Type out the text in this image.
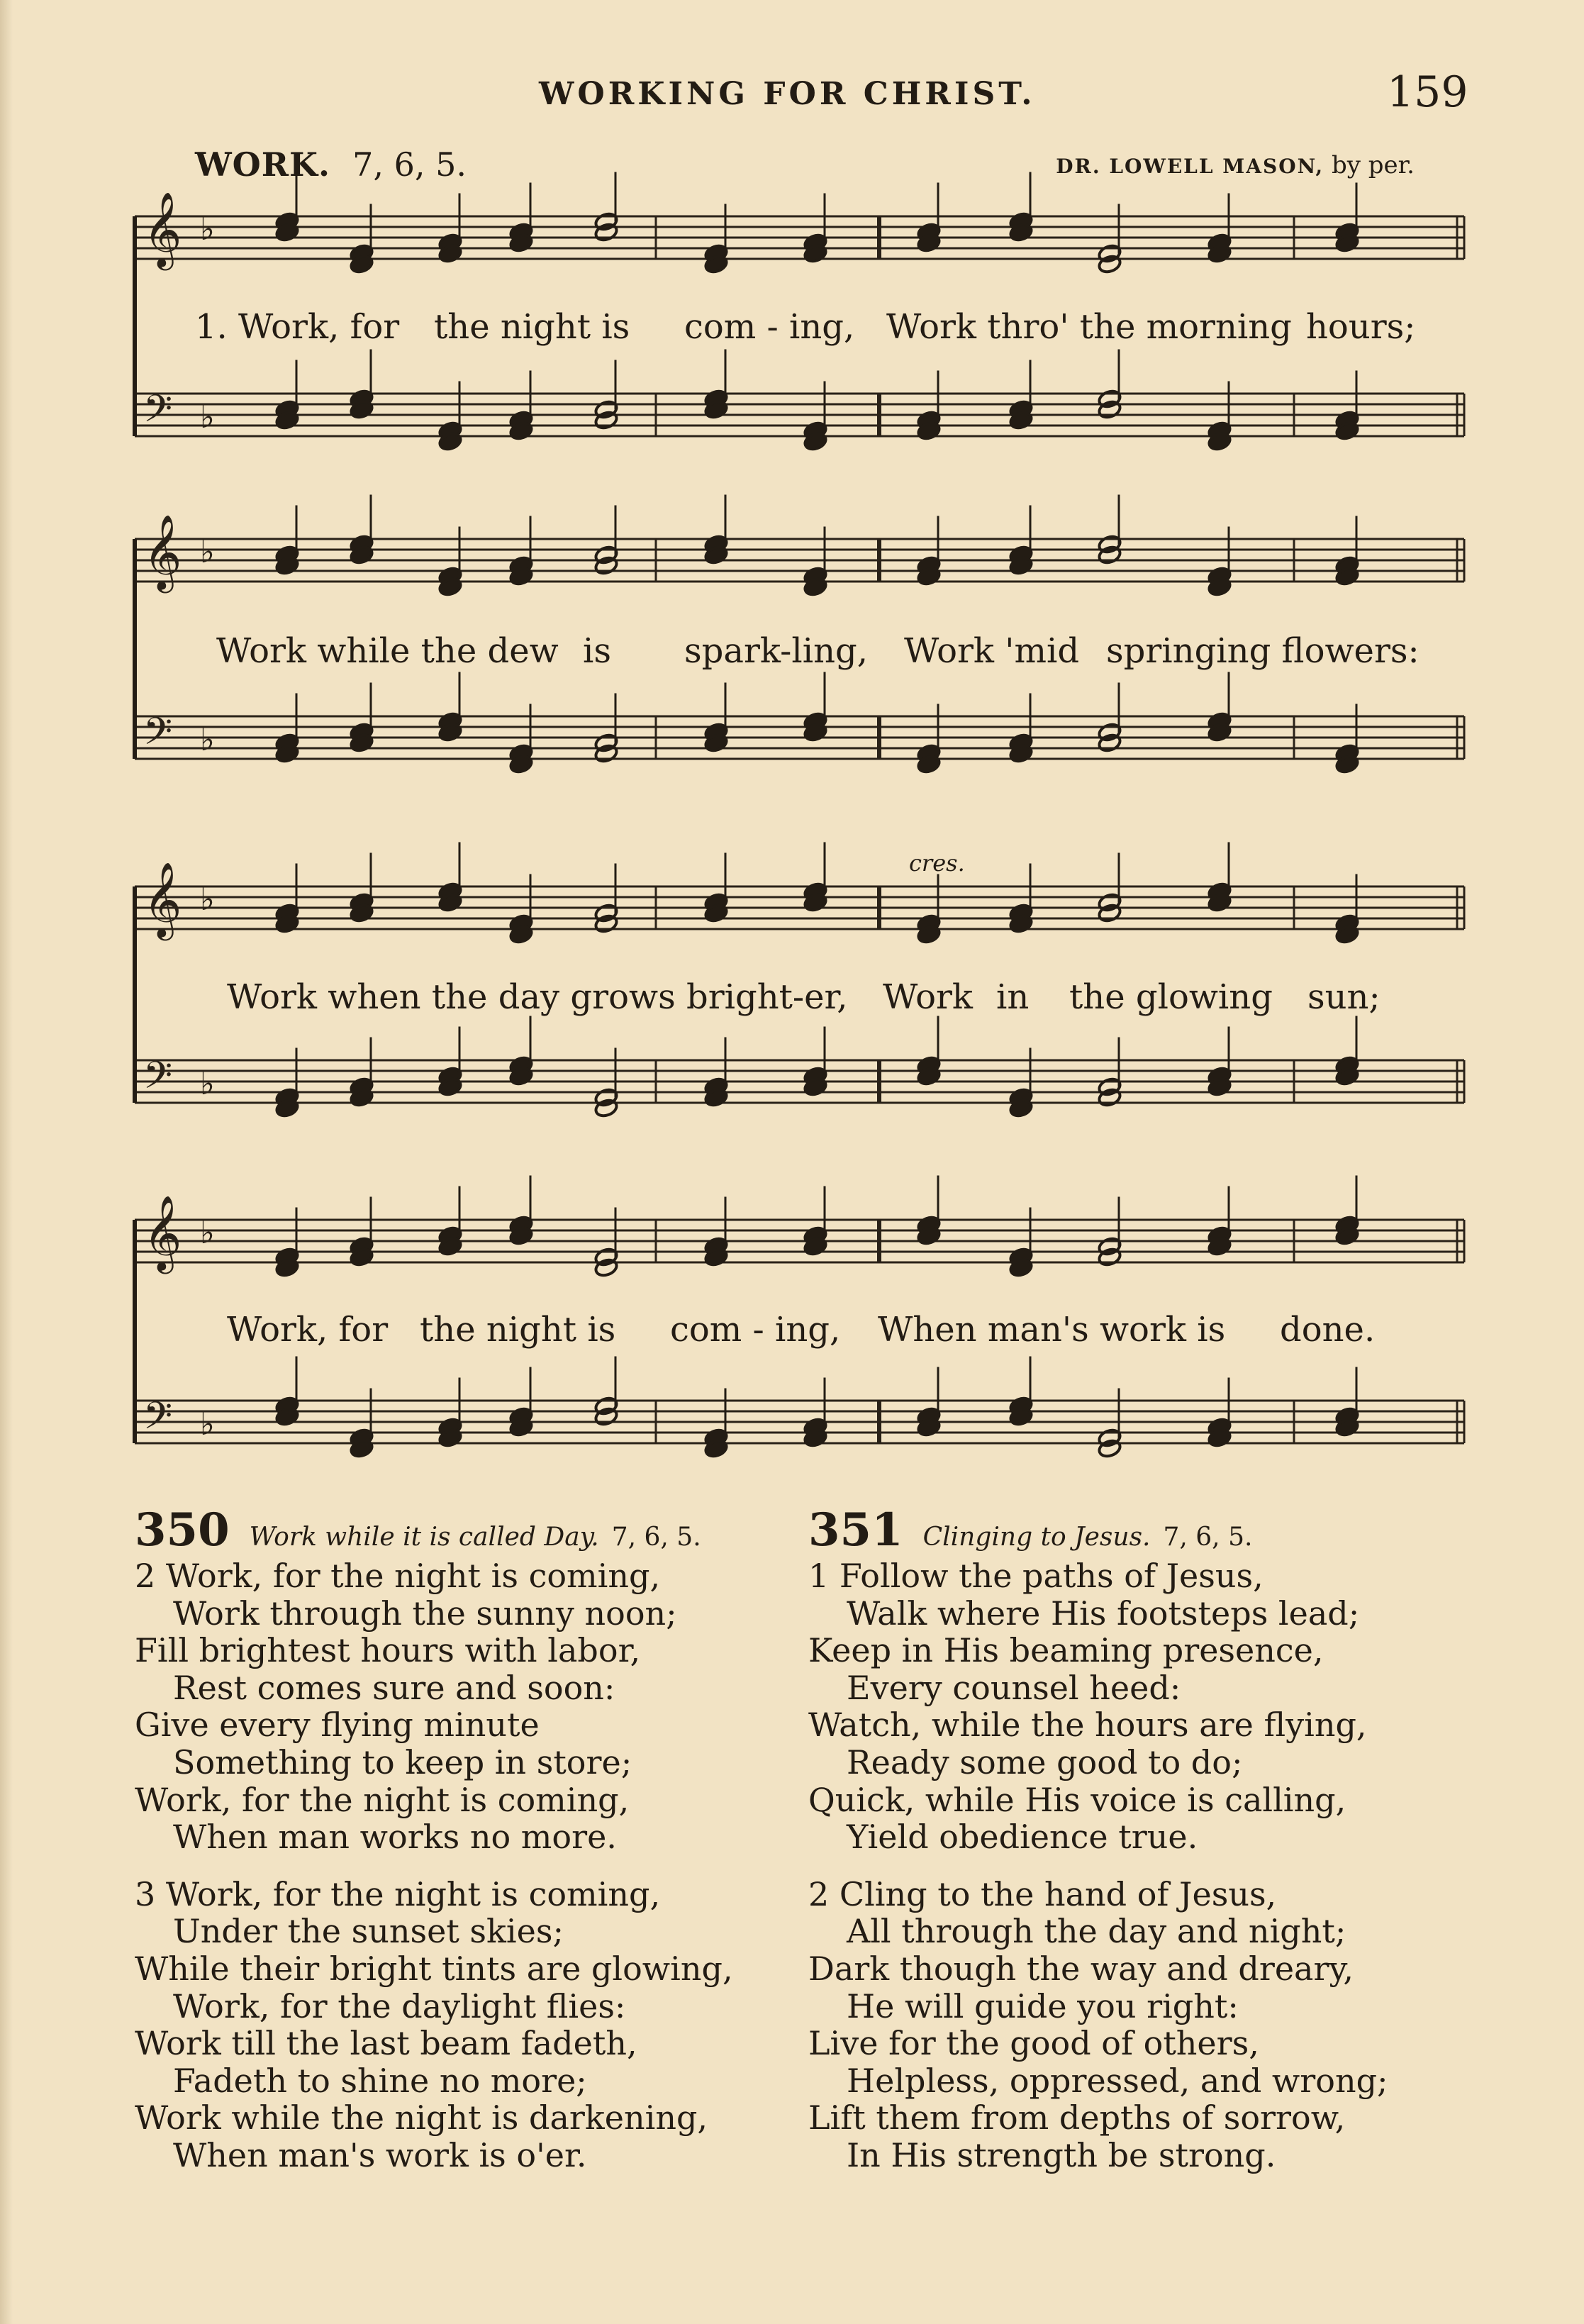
WORKING FOR CHRIST.	159
WORK. 7, 6, 5.	DR. LOWELL MASON, by per.
𝄞 ♭
𝄢 ♭
𝄞 ♭
𝄢 ♭
𝄞 ♭
𝄢 ♭
𝄞 ♭
𝄢 ♭
cres.
1. Work, for the night is com - ing, Work thro' the morning hours;
Work while the dew is spark-ling, Work 'mid springing flowers:
Work when the day grows bright-er, Work in the glowing sun;
Work, for the night is com - ing, When man's work is done.
350 Work while it is called Day. 7, 6, 5.
2 Work, for the night is coming,
Work through the sunny noon;
Fill brightest hours with labor,
Rest comes sure and soon:
Give every flying minute
Something to keep in store;
Work, for the night is coming,
When man works no more.
3 Work, for the night is coming,
Under the sunset skies;
While their bright tints are glowing,
Work, for the daylight flies:
Work till the last beam fadeth,
Fadeth to shine no more;
Work while the night is darkening,
When man's work is o'er.
351 Clinging to Jesus. 7, 6, 5.
1 Follow the paths of Jesus,
Walk where His footsteps lead;
Keep in His beaming presence,
Every counsel heed:
Watch, while the hours are flying,
Ready some good to do;
Quick, while His voice is calling,
Yield obedience true.
2 Cling to the hand of Jesus,
All through the day and night;
Dark though the way and dreary,
He will guide you right:
Live for the good of others,
Helpless, oppressed, and wrong;
Lift them from depths of sorrow,
In His strength be strong.
